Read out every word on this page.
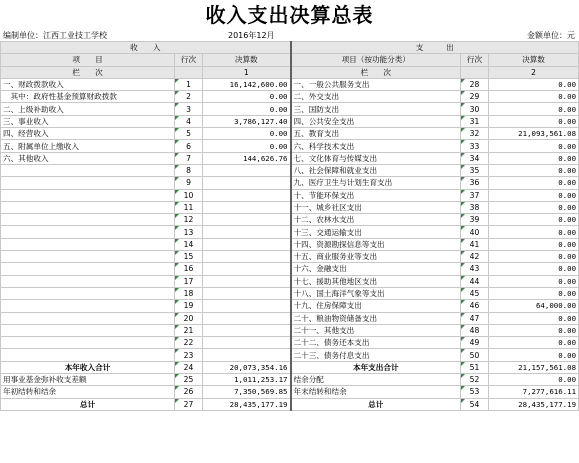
收入支出决算总表
编制单位：江西工业技工学校	2016年12月	金额单位：元
收　　入			支　　　出		
项　　目	行次	决算数	项目（按功能分类）	行次	决算数
栏　　次		1	栏　　次		2
一、财政拨款收入	1	16,142,600.00	一、一般公共服务支出	28	0.00
　其中：政府性基金预算财政拨款	2	0.00	二、外交支出	29	0.00
二、上级补助收入	3	0.00	三、国防支出	30	0.00
三、事业收入	4	3,786,127.40	四、公共安全支出	31	0.00
四、经营收入	5	0.00	五、教育支出	32	21,093,561.08
五、附属单位上缴收入	6	0.00	六、科学技术支出	33	0.00
六、其他收入	7	144,626.76	七、文化体育与传媒支出	34	0.00
	8		八、社会保障和就业支出	35	0.00
	9		九、医疗卫生与计划生育支出	36	0.00
	10		十、节能环保支出	37	0.00
	11		十一、城乡社区支出	38	0.00
	12		十二、农林水支出	39	0.00
	13		十三、交通运输支出	40	0.00
	14		十四、资源勘探信息等支出	41	0.00
	15		十五、商业服务业等支出	42	0.00
	16		十六、金融支出	43	0.00
	17		十七、援助其他地区支出	44	0.00
	18		十八、国土海洋气象等支出	45	0.00
	19		十九、住房保障支出	46	64,000.00
	20		二十、粮油物资储备支出	47	0.00
	21		二十一、其他支出	48	0.00
	22		二十二、债务还本支出	49	0.00
	23		二十三、债务付息支出	50	0.00
本年收入合计	24	20,073,354.16	本年支出合计	51	21,157,561.08
用事业基金弥补收支差额	25	1,011,253.17	结余分配	52	0.00
年初结转和结余	26	7,350,569.85	年末结转和结余	53	7,277,616.11
总计	27	28,435,177.19	总计	54	28,435,177.19
